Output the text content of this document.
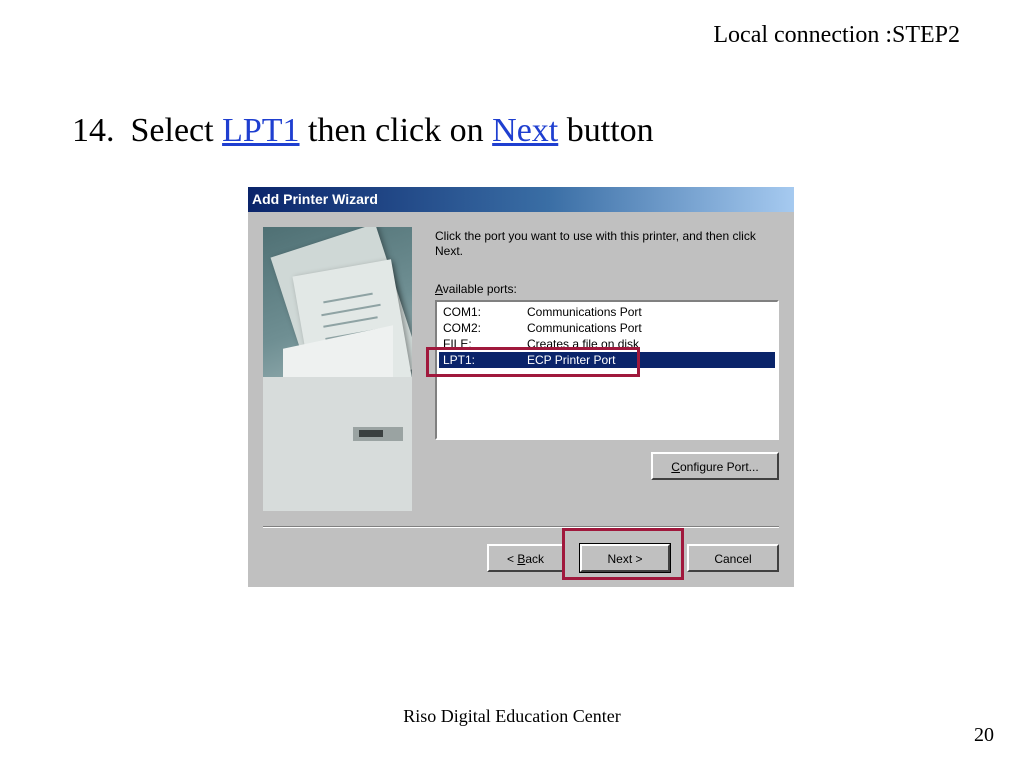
Local connection :STEP2
14. Select LPT1 then click on Next button
Add Printer Wizard
Click the port you want to use with this printer, and then click Next.
Available ports:
COM1:	Communications Port
COM2:	Communications Port
FILE:	Creates a file on disk
LPT1:	ECP Printer Port
Configure Port...
< Back	Next >	Cancel
Riso Digital Education Center
20
